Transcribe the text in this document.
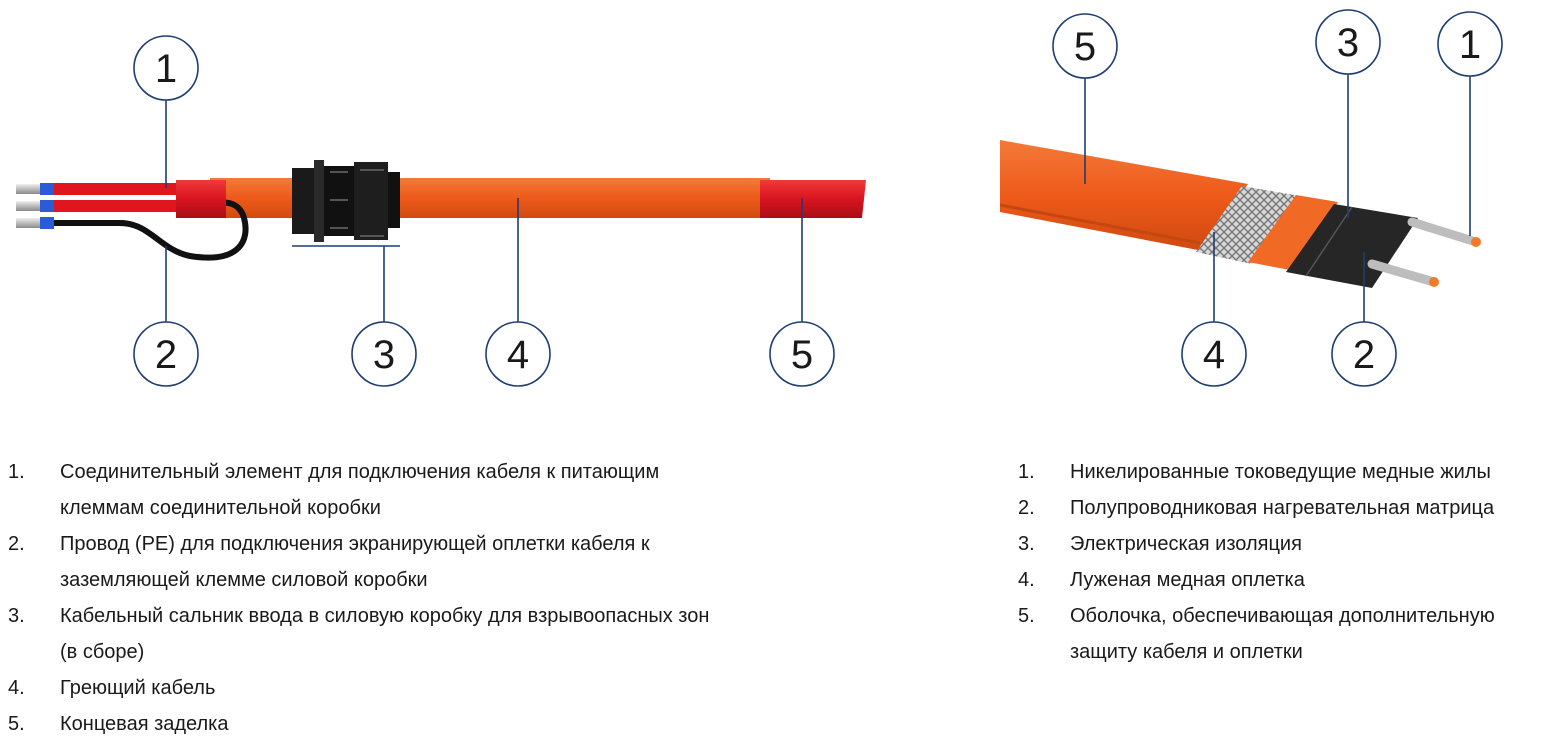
1
2	3	4	5
5	3 1
4	2
1.	Соединительный элемент для подключения кабеля к питающим
клеммам соединительной коробки
2.	Провод (PE) для подключения экранирующей оплетки кабеля к
заземляющей клемме силовой коробки
3.	Кабельный сальник ввода в силовую коробку для взрывоопасных зон
(в сборе)
4.	Греющий кабель
5.	Концевая заделка
1.	Никелированные токоведущие медные жилы
2.	Полупроводниковая нагревательная матрица
3.	Электрическая изоляция
4.	Луженая медная оплетка
5.	Оболочка, обеспечивающая дополнительную
защиту кабеля и оплетки
